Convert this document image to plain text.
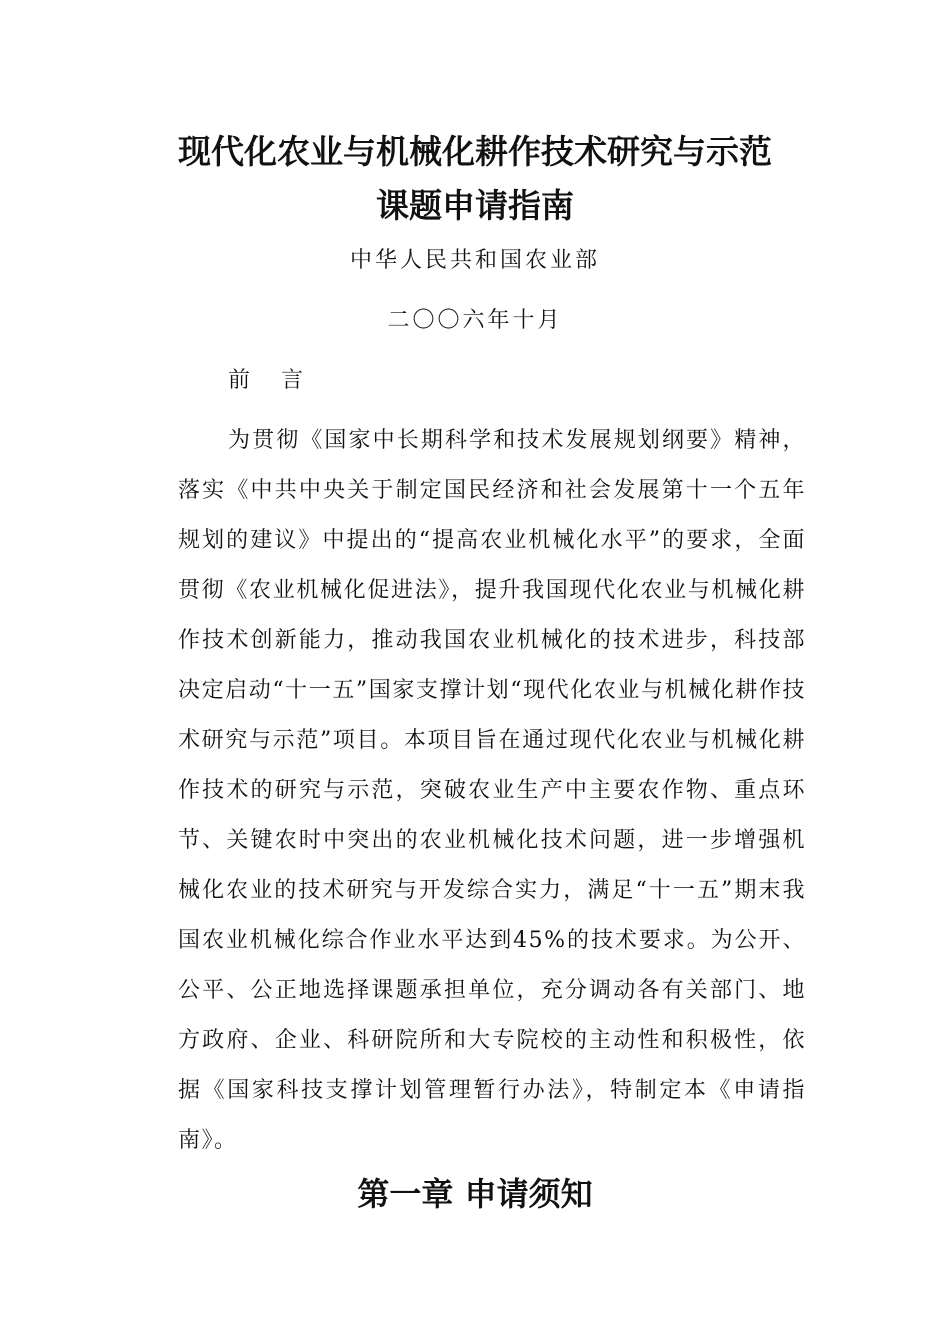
现代化农业与机械化耕作技术研究与示范
课题申请指南

中华人民共和国农业部

二〇〇六年十月

前 言

为贯彻《国家中长期科学和技术发展规划纲要》精神，落实《中共中央关于制定国民经济和社会发展第十一个五年规划的建议》中提出的“提高农业机械化水平”的要求，全面贯彻《农业机械化促进法》，提升我国现代化农业与机械化耕作技术创新能力，推动我国农业机械化的技术进步，科技部决定启动“十一五”国家支撑计划“现代化农业与机械化耕作技术研究与示范”项目。本项目旨在通过现代化农业与机械化耕作技术的研究与示范，突破农业生产中主要农作物、重点环节、关键农时中突出的农业机械化技术问题，进一步增强机械化农业的技术研究与开发综合实力，满足“十一五”期末我国农业机械化综合作业水平达到45%的技术要求。为公开、公平、公正地选择课题承担单位，充分调动各有关部门、地方政府、企业、科研院所和大专院校的主动性和积极性，依据《国家科技支撑计划管理暂行办法》，特制定本《申请指南》。

第一章 申请须知
